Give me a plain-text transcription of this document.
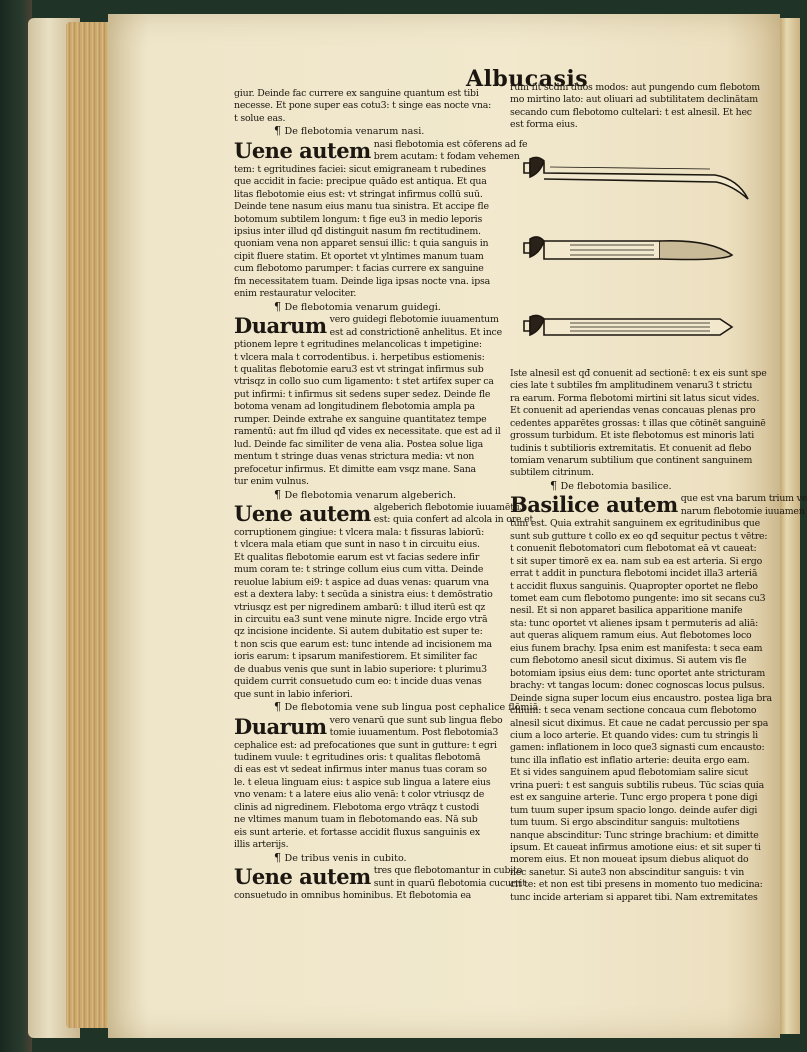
Albucasis
giur. Deinde fac currere ex sanguine quantum est tibi
necesse. Et pone super eas cotu3: t singe eas nocte vna:
t solue eas.
¶ De flebotomia venarum nasi.
Uene autem nasi flebotomia est cōferens ad fe
brem acutam: t fodam vehemen
tem: t egritudines faciei: sicut emigraneam t rubedines
que accidit in facie: precipue quādo est antiqua. Et qua
litas flebotomie eius est: vt stringat infirmus collū suū.
Deinde tene nasum eius manu tua sinistra. Et accipe fle
botomum subtilem longum: t fige eu3 in medio leporis
ipsius inter illud qđ distinguit nasum fm rectitudinem.
quoniam vena non apparet sensui illic: t quia sanguis in
cipit fluere statim. Et oportet vt ylntimes manum tuam
cum flebotomo parumper: t facias currere ex sanguine
fm necessitatem tuam. Deinde liga ipsas nocte vna. ipsa
enim restauratur velociter.
¶ De flebotomia venarum guidegi.
Duarum vero guidegi flebotomie iuuamentum
est ad constrictionē anhelitus. Et ince
ptionem lepre t egritudines melancolicas t impetigine:
t vlcera mala t corrodentibus. i. herpetibus estiomenis:
t qualitas flebotomie earu3 est vt stringat infirmus sub
vtrisqz in collo suo cum ligamento: t stet artifex super ca
put infirmi: t infirmus sit sedens super sedez. Deinde fle
botoma venam ad longitudinem flebotomia ampla pa
rumper. Deinde extrahe ex sanguine quantitatez tempe
ramentū: aut fm illud qđ vides ex necessitate. que est ad il
lud. Deinde fac similiter de vena alia. Postea solue liga
mentum t stringe duas venas strictura media: vt non
prefocetur infirmus. Et dimitte eam vsqz mane. Sana
tur enim vulnus.
¶ De flebotomia venarum algeberich.
Uene autem algeberich flebotomie iuuamētu3
est: quia confert ad alcola in ore et
corruptionem gingiue: t vlcera mala: t fissuras labiorū:
t vlcera mala etiam que sunt in naso t in circuitu eius.
Et qualitas flebotomie earum est vt facias sedere infir
mum coram te: t stringe collum eius cum vitta. Deinde
reuolue labium ei9: t aspice ad duas venas: quarum vna
est a dextera laby: t secūda a sinistra eius: t demōstratio
vtriusqz est per nigredinem ambarū: t illud iterū est qz
in circuitu ea3 sunt vene minute nigre. Incide ergo vtrā
qz incisione incidente. Si autem dubitatio est super te:
t non scis que earum est: tunc intende ad incisionem ma
ioris earum: t ipsarum manifestiorem. Et similiter fac
de duabus venis que sunt in labio superiore: t plurimu3
quidem currit consuetudo cum eo: t incide duas venas
que sunt in labio inferiori.
¶ De flebotomia vene sub lingua post cephalice flōmiā.
Duarum vero venarū que sunt sub lingua flebo
tomie iuuamentum. Post flebotomia3
cephalice est: ad prefocationes que sunt in gutture: t egri
tudinem vuule: t egritudines oris: t qualitas flebotomā
di eas est vt sedeat infirmus inter manus tuas coram so
le. t eleua linguam eius: t aspice sub lingua a latere eius
vno venam: t a latere eius alio venā: t color vtriusqz de
clinis ad nigredinem. Flebotoma ergo vtrāqz t custodi
ne vltimes manum tuam in flebotomando eas. Nā sub
eis sunt arterie. et fortasse accidit fluxus sanguinis ex
illis arterijs.
¶ De tribus venis in cubito.
Uene autem tres que flebotomantur in cubito
sunt in quarū flebotomia cucurrit
consuetudo in omnibus hominibus. Et flebotomia ea
rum fit scdm duos modos: aut pungendo cum flebotom
mo mirtino lato: aut oliuari ad subtilitatem declinātam
secando cum flebotomo cultelari: t est alnesil. Et hec
est forma eius.
Iste alnesil est qđ conuenit ad sectionē: t ex eis sunt spe
cies late t subtiles fm amplitudinem venaru3 t strictu
ra earum. Forma flebotomi mirtini sit latus sicut vides.
Et conuenit ad aperiendas venas concauas plenas pro
cedentes apparētes grossas: t illas que cōtinēt sanguinē
grossum turbidum. Et iste flebotomus est minoris lati
tudinis t subtilioris extremitatis. Et conuenit ad flebo
tomiam venarum subtilium que continent sanguinem
subtilem citrinum.
¶ De flebotomia basilice.
Basilice autem que est vna barum trium ve
narum flebotomie iuuamen
tum est. Quia extrahit sanguinem ex egritudinibus que
sunt sub gutture t collo ex eo qđ sequitur pectus t vētre:
t conuenit flebotomatori cum flebotomat eā vt caueat:
t sit super timorē ex ea. nam sub ea est arteria. Si ergo
errat t addit in punctura flebotomi incidet illa3 arteriā
t accidit fluxus sanguinis. Quapropter oportet ne flebo
tomet eam cum flebotomo pungente: imo sit secans cu3
nesil. Et si non apparet basilica apparitione manife
sta: tunc oportet vt alienes ipsam t permuteris ad aliā:
aut queras aliquem ramum eius. Aut flebotomes loco
eius funem brachy. Ipsa enim est manifesta: t seca eam
cum flebotomo anesil sicut diximus. Si autem vis fle
botomiam ipsius eius dem: tunc oportet ante stricturam
brachy: vt tangas locum: donec cognoscas locus pulsus.
Deinde signa super locum eius encaustro. postea liga bra
chium: t seca venam sectione concaua cum flebotomo
alnesil sicut diximus. Et caue ne cadat percussio per spa
cium a loco arterie. Et quando vides: cum tu stringis li
gamen: inflationem in loco que3 signasti cum encausto:
tunc illa inflatio est inflatio arterie: deuita ergo eam.
Et si vides sanguinem apud flebotomiam salire sicut
vrina pueri: t est sanguis subtilis rubeus. Tūc scias quia
est ex sanguine arterie. Tunc ergo propera t pone digi
tum tuum super ipsum spacio longo. deinde aufer digi
tum tuum. Si ergo abscinditur sanguis: multotiens
nanque abscinditur: Tunc stringe brachium: et dimitte
ipsum. Et caueat infirmus amotione eius: et sit super ti
morem eius. Et non moueat ipsum diebus aliquot do
nec sanetur. Si aute3 non abscinditur sanguis: t vin
cit te: et non est tibi presens in momento tuo medicina:
tunc incide arteriam si apparet tibi. Nam extremitates
